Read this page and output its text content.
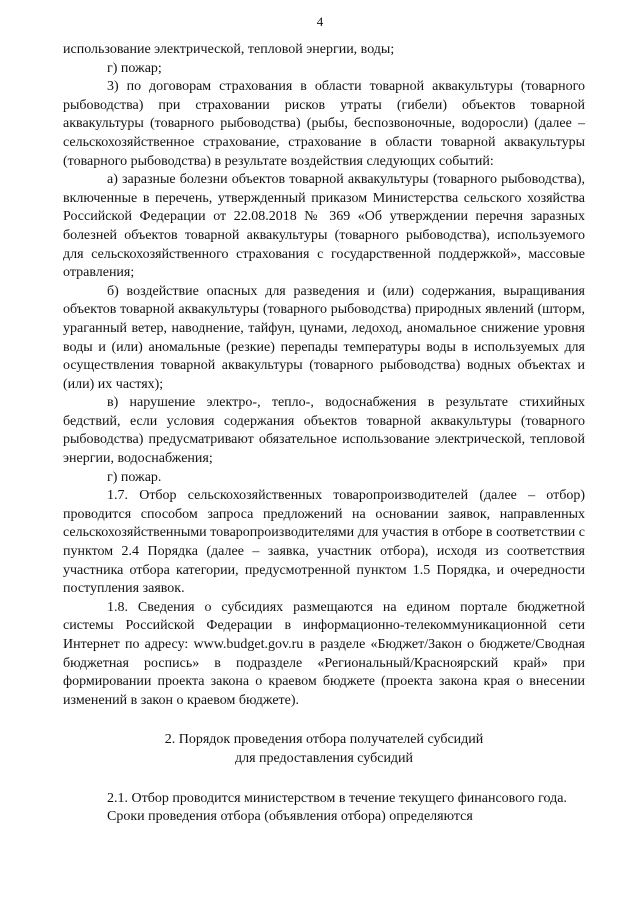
4

использование электрической, тепловой энергии, воды;

г) пожар;

3) по договорам страхования в области товарной аквакультуры (товарного рыбоводства) при страховании рисков утраты (гибели) объектов товарной аквакультуры (товарного рыбоводства) (рыбы, беспозвоночные, водоросли) (далее – сельскохозяйственное страхование, страхование в области товарной аквакультуры (товарного рыбоводства) в результате воздействия следующих событий:

а) заразные болезни объектов товарной аквакультуры (товарного рыбоводства), включенные в перечень, утвержденный приказом Министерства сельского хозяйства Российской Федерации от 22.08.2018 № 369 «Об утверждении перечня заразных болезней объектов товарной аквакультуры (товарного рыбоводства), используемого для сельскохозяйственного страхования с государственной поддержкой», массовые отравления;

б) воздействие опасных для разведения и (или) содержания, выращивания объектов товарной аквакультуры (товарного рыбоводства) природных явлений (шторм, ураганный ветер, наводнение, тайфун, цунами, ледоход, аномальное снижение уровня воды и (или) аномальные (резкие) перепады температуры воды в используемых для осуществления товарной аквакультуры (товарного рыбоводства) водных объектах и (или) их частях);

в) нарушение электро-, тепло-, водоснабжения в результате стихийных бедствий, если условия содержания объектов товарной аквакультуры (товарного рыбоводства) предусматривают обязательное использование электрической, тепловой энергии, водоснабжения;

г) пожар.

1.7. Отбор сельскохозяйственных товаропроизводителей (далее – отбор) проводится способом запроса предложений на основании заявок, направленных сельскохозяйственными товаропроизводителями для участия в отборе в соответствии с пунктом 2.4 Порядка (далее – заявка, участник отбора), исходя из соответствия участника отбора категории, предусмотренной пунктом 1.5 Порядка, и очередности поступления заявок.

1.8. Сведения о субсидиях размещаются на едином портале бюджетной системы Российской Федерации в информационно-телекоммуникационной сети Интернет по адресу: www.budget.gov.ru в разделе «Бюджет/Закон о бюджете/Сводная бюджетная роспись» в подразделе «Региональный/Красноярский край» при формировании проекта закона о краевом бюджете (проекта закона края о внесении изменений в закон о краевом бюджете).

2. Порядок проведения отбора получателей субсидий
для предоставления субсидий

2.1. Отбор проводится министерством в течение текущего финансового года.

Сроки проведения отбора (объявления отбора) определяются
